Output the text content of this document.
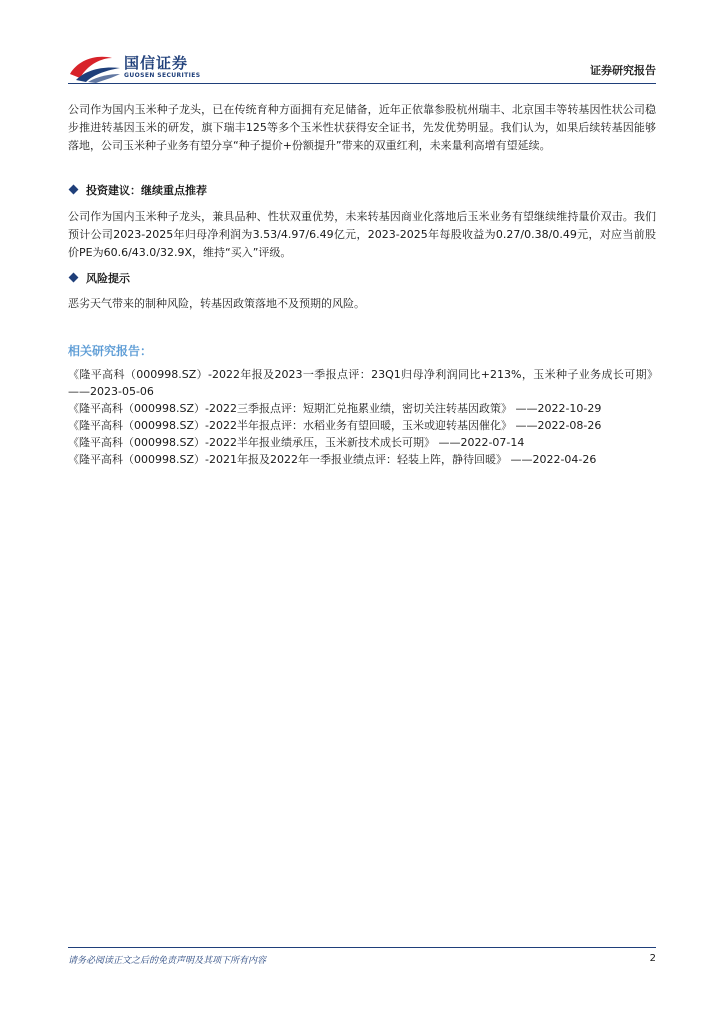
国信证券
GUOSEN SECURITIES	证券研究报告

公司作为国内玉米种子龙头，已在传统育种方面拥有充足储备，近年正依靠参股杭州瑞丰、北京国丰等转基因性状公司稳步推进转基因玉米的研发，旗下瑞丰125等多个玉米性状获得安全证书，先发优势明显。我们认为，如果后续转基因能够落地，公司玉米种子业务有望分享“种子提价+份额提升”带来的双重红利，未来量利高增有望延续。

投资建议：继续重点推荐

公司作为国内玉米种子龙头，兼具品种、性状双重优势，未来转基因商业化落地后玉米业务有望继续维持量价双击。我们预计公司2023-2025年归母净利润为3.53/4.97/6.49亿元，2023-2025年每股收益为0.27/0.38/0.49元，对应当前股价PE为60.6/43.0/32.9X，维持“买入”评级。

风险提示

恶劣天气带来的制种风险，转基因政策落地不及预期的风险。

相关研究报告：
《隆平高科（000998.SZ）-2022年报及2023一季报点评：23Q1归母净利润同比+213%，玉米种子业务成长可期》 ——2023-05-06
《隆平高科（000998.SZ）-2022三季报点评：短期汇兑拖累业绩，密切关注转基因政策》 ——2022-10-29
《隆平高科（000998.SZ）-2022半年报点评：水稻业务有望回暖，玉米或迎转基因催化》 ——2022-08-26
《隆平高科（000998.SZ）-2022半年报业绩承压，玉米新技术成长可期》 ——2022-07-14
《隆平高科（000998.SZ）-2021年报及2022年一季报业绩点评：轻装上阵，静待回暖》 ——2022-04-26
请务必阅读正文之后的免责声明及其项下所有内容	2
